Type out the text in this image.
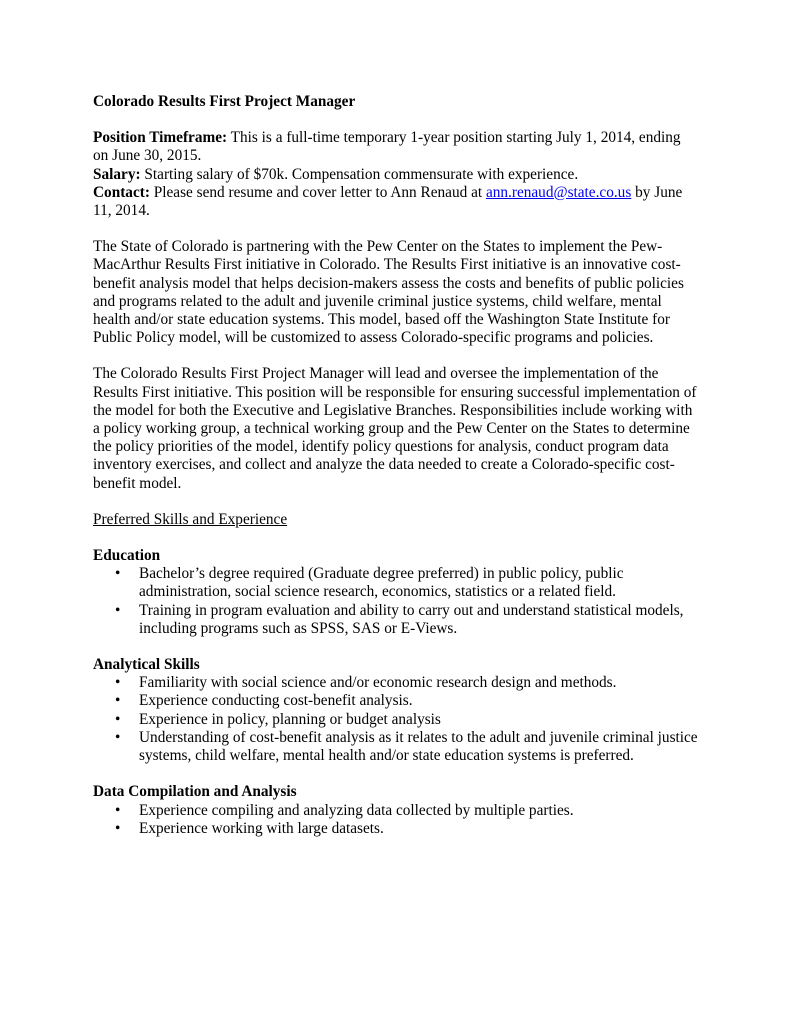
Colorado Results First Project Manager

Position Timeframe: This is a full-time temporary 1-year position starting July 1, 2014, ending on June 30, 2015.

Salary: Starting salary of $70k. Compensation commensurate with experience.

Contact: Please send resume and cover letter to Ann Renaud at ann.renaud@state.co.us by June 11, 2014.

The State of Colorado is partnering with the Pew Center on the States to implement the Pew-MacArthur Results First initiative in Colorado. The Results First initiative is an innovative cost-benefit analysis model that helps decision-makers assess the costs and benefits of public policies and programs related to the adult and juvenile criminal justice systems, child welfare, mental health and/or state education systems. This model, based off the Washington State Institute for Public Policy model, will be customized to assess Colorado-specific programs and policies.

The Colorado Results First Project Manager will lead and oversee the implementation of the Results First initiative. This position will be responsible for ensuring successful implementation of the model for both the Executive and Legislative Branches. Responsibilities include working with a policy working group, a technical working group and the Pew Center on the States to determine the policy priorities of the model, identify policy questions for analysis, conduct program data inventory exercises, and collect and analyze the data needed to create a Colorado-specific cost-benefit model.

Preferred Skills and Experience

Education

• Bachelor’s degree required (Graduate degree preferred) in public policy, public administration, social science research, economics, statistics or a related field.
• Training in program evaluation and ability to carry out and understand statistical models, including programs such as SPSS, SAS or E-Views.

Analytical Skills

• Familiarity with social science and/or economic research design and methods.
• Experience conducting cost-benefit analysis.
• Experience in policy, planning or budget analysis
• Understanding of cost-benefit analysis as it relates to the adult and juvenile criminal justice systems, child welfare, mental health and/or state education systems is preferred.

Data Compilation and Analysis

• Experience compiling and analyzing data collected by multiple parties.
• Experience working with large datasets.
